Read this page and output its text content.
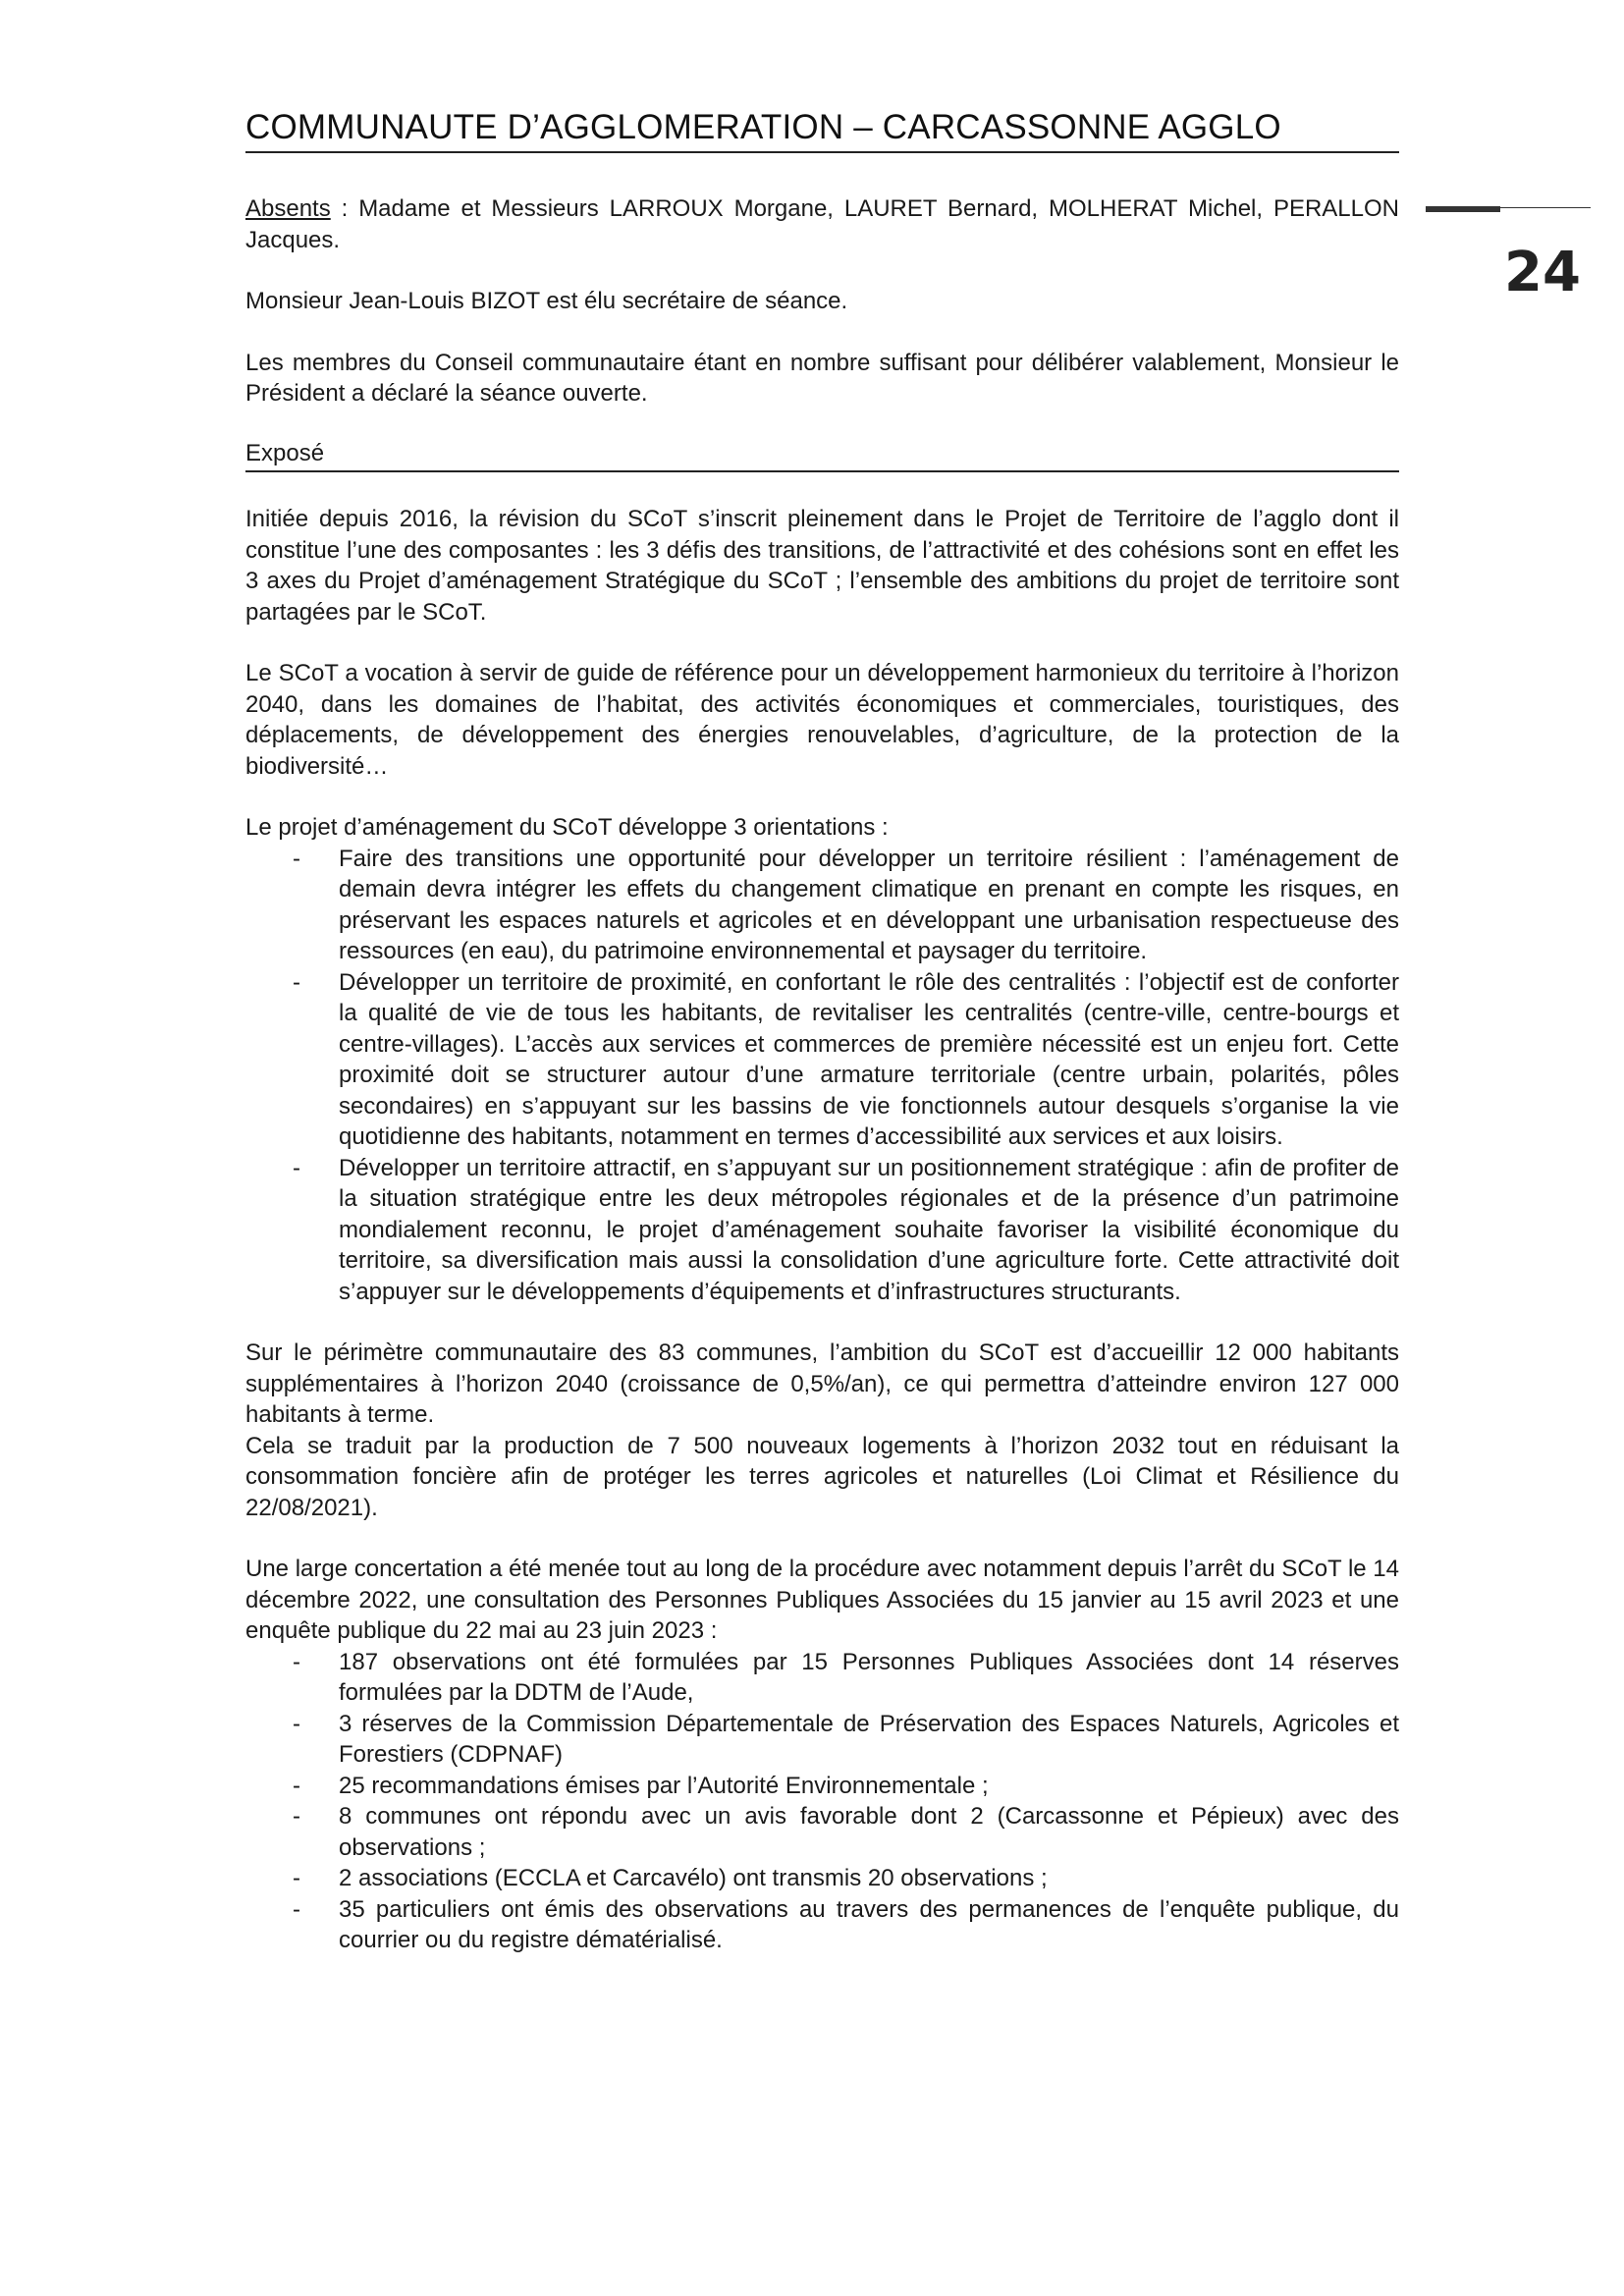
COMMUNAUTE D’AGGLOMERATION – CARCASSONNE AGGLO
24

Absents : Madame et Messieurs LARROUX Morgane, LAURET Bernard, MOLHERAT Michel, PERALLON Jacques.

Monsieur Jean-Louis BIZOT est élu secrétaire de séance.

Les membres du Conseil communautaire étant en nombre suffisant pour délibérer valablement, Monsieur le Président a déclaré la séance ouverte.

Exposé

Initiée depuis 2016, la révision du SCoT s’inscrit pleinement dans le Projet de Territoire de l’agglo dont il constitue l’une des composantes : les 3 défis des transitions, de l’attractivité et des cohésions sont en effet les 3 axes du Projet d’aménagement Stratégique du SCoT ; l’ensemble des ambitions du projet de territoire sont partagées par le SCoT.

Le SCoT a vocation à servir de guide de référence pour un développement harmonieux du territoire à l’horizon 2040, dans les domaines de l’habitat, des activités économiques et commerciales, touristiques, des déplacements, de développement des énergies renouvelables, d’agriculture, de la protection de la biodiversité…

Le projet d’aménagement du SCoT développe 3 orientations :

- Faire des transitions une opportunité pour développer un territoire résilient : l’aménagement de demain devra intégrer les effets du changement climatique en prenant en compte les risques, en préservant les espaces naturels et agricoles et en développant une urbanisation respectueuse des ressources (en eau), du patrimoine environnemental et paysager du territoire.
- Développer un territoire de proximité, en confortant le rôle des centralités : l’objectif est de conforter la qualité de vie de tous les habitants, de revitaliser les centralités (centre-ville, centre-bourgs et centre-villages). L’accès aux services et commerces de première nécessité est un enjeu fort. Cette proximité doit se structurer autour d’une armature territoriale (centre urbain, polarités, pôles secondaires) en s’appuyant sur les bassins de vie fonctionnels autour desquels s’organise la vie quotidienne des habitants, notamment en termes d’accessibilité aux services et aux loisirs.
- Développer un territoire attractif, en s’appuyant sur un positionnement stratégique : afin de profiter de la situation stratégique entre les deux métropoles régionales et de la présence d’un patrimoine mondialement reconnu, le projet d’aménagement souhaite favoriser la visibilité économique du territoire, sa diversification mais aussi la consolidation d’une agriculture forte. Cette attractivité doit s’appuyer sur le développements d’équipements et d’infrastructures structurants.

Sur le périmètre communautaire des 83 communes, l’ambition du SCoT est d’accueillir 12 000 habitants supplémentaires à l’horizon 2040 (croissance de 0,5%/an), ce qui permettra d’atteindre environ 127 000 habitants à terme.

Cela se traduit par la production de 7 500 nouveaux logements à l’horizon 2032 tout en réduisant la consommation foncière afin de protéger les terres agricoles et naturelles (Loi Climat et Résilience du 22/08/2021).

Une large concertation a été menée tout au long de la procédure avec notamment depuis l’arrêt du SCoT le 14 décembre 2022, une consultation des Personnes Publiques Associées du 15 janvier au 15 avril 2023 et une enquête publique du 22 mai au 23 juin 2023 :

- 187 observations ont été formulées par 15 Personnes Publiques Associées dont 14 réserves formulées par la DDTM de l’Aude,
- 3 réserves de la Commission Départementale de Préservation des Espaces Naturels, Agricoles et Forestiers (CDPNAF)
- 25 recommandations émises par l’Autorité Environnementale ;
- 8 communes ont répondu avec un avis favorable dont 2 (Carcassonne et Pépieux) avec des observations ;
- 2 associations (ECCLA et Carcavélo) ont transmis 20 observations ;
- 35 particuliers ont émis des observations au travers des permanences de l’enquête publique, du courrier ou du registre dématérialisé.
